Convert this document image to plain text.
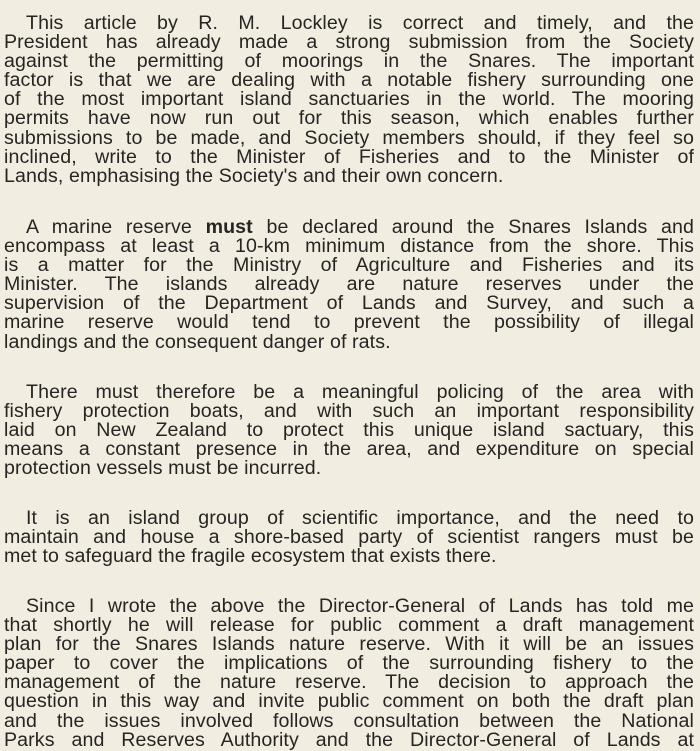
This article by R. M. Lockley is correct and timely, and the
President has already made a strong submission from the Society
against the permitting of moorings in the Snares. The important
factor is that we are dealing with a notable fishery surrounding one
of the most important island sanctuaries in the world. The mooring
permits have now run out for this season, which enables further
submissions to be made, and Society members should, if they feel so
inclined, write to the Minister of Fisheries and to the Minister of
Lands, emphasising the Society's and their own concern.
A marine reserve must be declared around the Snares Islands and
encompass at least a 10-km minimum distance from the shore. This
is a matter for the Ministry of Agriculture and Fisheries and its
Minister. The islands already are nature reserves under the
supervision of the Department of Lands and Survey, and such a
marine reserve would tend to prevent the possibility of illegal
landings and the consequent danger of rats.
There must therefore be a meaningful policing of the area with
fishery protection boats, and with such an important responsibility
laid on New Zealand to protect this unique island sactuary, this
means a constant presence in the area, and expenditure on special
protection vessels must be incurred.
It is an island group of scientific importance, and the need to
maintain and house a shore-based party of scientist rangers must be
met to safeguard the fragile ecosystem that exists there.
Since I wrote the above the Director-General of Lands has told me
that shortly he will release for public comment a draft management
plan for the Snares Islands nature reserve. With it will be an issues
paper to cover the implications of the surrounding fishery to the
management of the nature reserve. The decision to approach the
question in this way and invite public comment on both the draft plan
and the issues involved follows consultation between the National
Parks and Reserves Authority and the Director-General of Lands at
